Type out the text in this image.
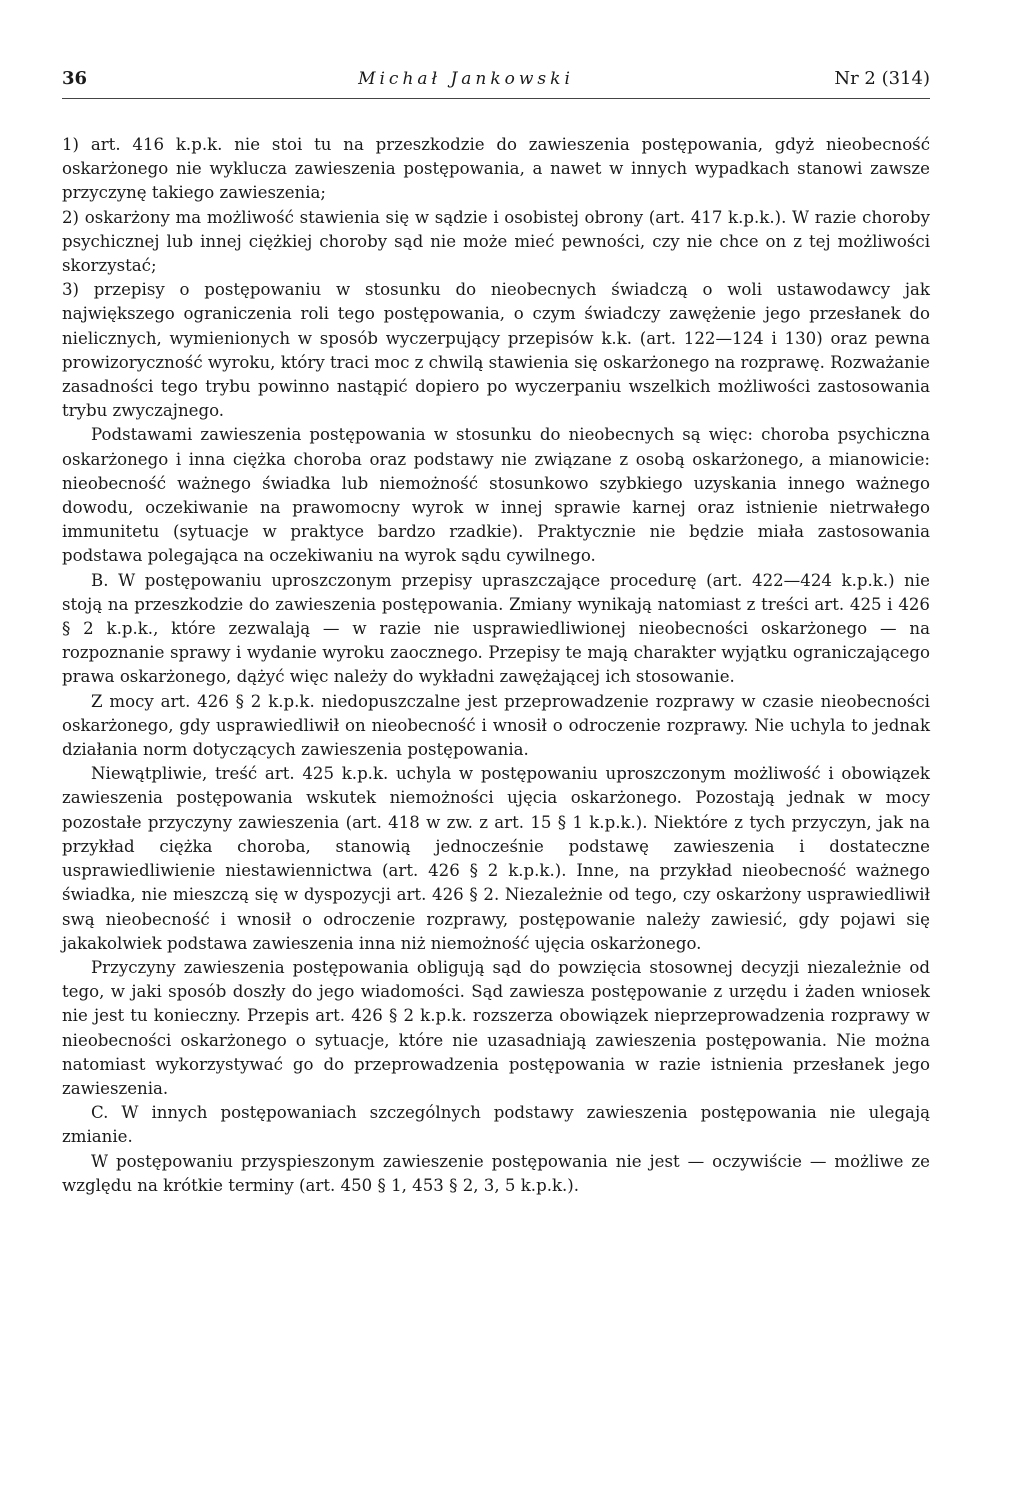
36	Michał Jankowski	Nr 2 (314)

1) art. 416 k.p.k. nie stoi tu na przeszkodzie do zawieszenia postępowania, gdyż nieobecność oskarżonego nie wyklucza zawieszenia postępowania, a nawet w innych wypadkach stanowi zawsze przyczynę takiego zawieszenia;

2) oskarżony ma możliwość stawienia się w sądzie i osobistej obrony (art. 417 k.p.k.). W razie choroby psychicznej lub innej ciężkiej choroby sąd nie może mieć pewności, czy nie chce on z tej możliwości skorzystać;

3) przepisy o postępowaniu w stosunku do nieobecnych świadczą o woli ustawodawcy jak największego ograniczenia roli tego postępowania, o czym świadczy zawężenie jego przesłanek do nielicznych, wymienionych w sposób wyczerpujący przepisów k.k. (art. 122—124 i 130) oraz pewna prowizoryczność wyroku, który traci moc z chwilą stawienia się oskarżonego na rozprawę. Rozważanie zasadności tego trybu powinno nastąpić dopiero po wyczerpaniu wszelkich możliwości zastosowania trybu zwyczajnego.

Podstawami zawieszenia postępowania w stosunku do nieobecnych są więc: choroba psychiczna oskarżonego i inna ciężka choroba oraz podstawy nie związane z osobą oskarżonego, a mianowicie: nieobecność ważnego świadka lub niemożność stosunkowo szybkiego uzyskania innego ważnego dowodu, oczekiwanie na prawomocny wyrok w innej sprawie karnej oraz istnienie nietrwałego immunitetu (sytuacje w praktyce bardzo rzadkie). Praktycznie nie będzie miała zastosowania podstawa polegająca na oczekiwaniu na wyrok sądu cywilnego.

B. W postępowaniu uproszczonym przepisy upraszczające procedurę (art. 422—424 k.p.k.) nie stoją na przeszkodzie do zawieszenia postępowania. Zmiany wynikają natomiast z treści art. 425 i 426 § 2 k.p.k., które zezwalają — w razie nie usprawiedliwionej nieobecności oskarżonego — na rozpoznanie sprawy i wydanie wyroku zaocznego. Przepisy te mają charakter wyjątku ograniczającego prawa oskarżonego, dążyć więc należy do wykładni zawężającej ich stosowanie.

Z mocy art. 426 § 2 k.p.k. niedopuszczalne jest przeprowadzenie rozprawy w czasie nieobecności oskarżonego, gdy usprawiedliwił on nieobecność i wnosił o odroczenie rozprawy. Nie uchyla to jednak działania norm dotyczących zawieszenia postępowania.

Niewątpliwie, treść art. 425 k.p.k. uchyla w postępowaniu uproszczonym możliwość i obowiązek zawieszenia postępowania wskutek niemożności ujęcia oskarżonego. Pozostają jednak w mocy pozostałe przyczyny zawieszenia (art. 418 w zw. z art. 15 § 1 k.p.k.). Niektóre z tych przyczyn, jak na przykład ciężka choroba, stanowią jednocześnie podstawę zawieszenia i dostateczne usprawiedliwienie niestawiennictwa (art. 426 § 2 k.p.k.). Inne, na przykład nieobecność ważnego świadka, nie mieszczą się w dyspozycji art. 426 § 2. Niezależnie od tego, czy oskarżony usprawiedliwił swą nieobecność i wnosił o odroczenie rozprawy, postępowanie należy zawiesić, gdy pojawi się jakakolwiek podstawa zawieszenia inna niż niemożność ujęcia oskarżonego.

Przyczyny zawieszenia postępowania obligują sąd do powzięcia stosownej decyzji niezależnie od tego, w jaki sposób doszły do jego wiadomości. Sąd zawiesza postępowanie z urzędu i żaden wniosek nie jest tu konieczny. Przepis art. 426 § 2 k.p.k. rozszerza obowiązek nieprzeprowadzenia rozprawy w nieobecności oskarżonego o sytuacje, które nie uzasadniają zawieszenia postępowania. Nie można natomiast wykorzystywać go do przeprowadzenia postępowania w razie istnienia przesłanek jego zawieszenia.

C. W innych postępowaniach szczególnych podstawy zawieszenia postępowania nie ulegają zmianie.

W postępowaniu przyspieszonym zawieszenie postępowania nie jest — oczywiście — możliwe ze względu na krótkie terminy (art. 450 § 1, 453 § 2, 3, 5 k.p.k.).
